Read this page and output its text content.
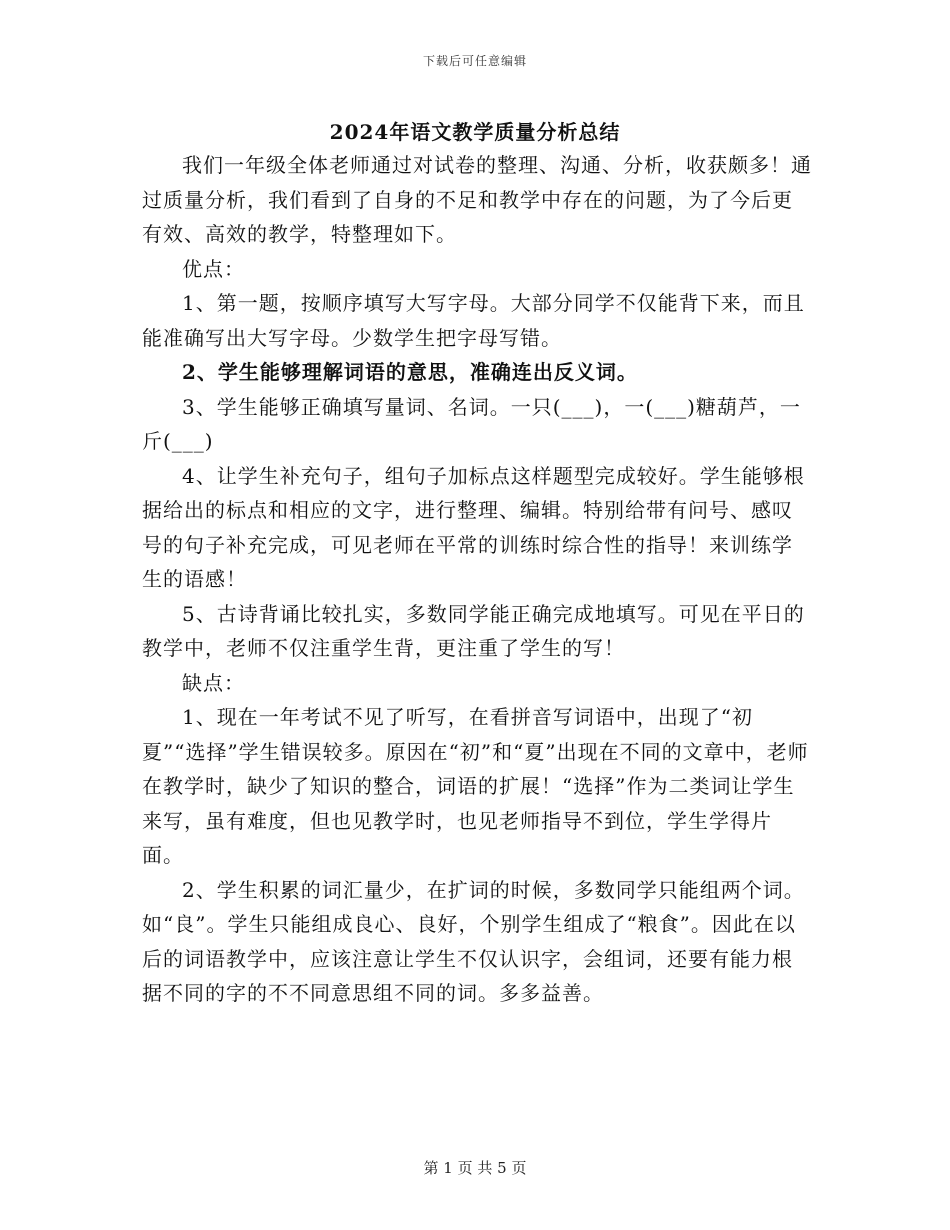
下载后可任意编辑
2024年语文教学质量分析总结

我们一年级全体老师通过对试卷的整理、沟通、分析，收获颇多！通过质量分析，我们看到了自身的不足和教学中存在的问题，为了今后更有效、高效的教学，特整理如下。

优点：

1、第一题，按顺序填写大写字母。大部分同学不仅能背下来，而且能准确写出大写字母。少数学生把字母写错。

2、学生能够理解词语的意思，准确连出反义词。

3、学生能够正确填写量词、名词。一只(___)，一(___)糖葫芦，一斤(___)

4、让学生补充句子，组句子加标点这样题型完成较好。学生能够根据给出的标点和相应的文字，进行整理、编辑。特别给带有问号、感叹号的句子补充完成，可见老师在平常的训练时综合性的指导！来训练学生的语感！

5、古诗背诵比较扎实，多数同学能正确完成地填写。可见在平日的教学中，老师不仅注重学生背，更注重了学生的写！

缺点：

1、现在一年考试不见了听写，在看拼音写词语中，出现了“初夏”“选择”学生错误较多。原因在“初”和“夏”出现在不同的文章中，老师在教学时，缺少了知识的整合，词语的扩展！“选择”作为二类词让学生来写，虽有难度，但也见教学时，也见老师指导不到位，学生学得片面。

2、学生积累的词汇量少，在扩词的时候，多数同学只能组两个词。如“良”。学生只能组成良心、良好，个别学生组成了“粮食”。因此在以后的词语教学中，应该注意让学生不仅认识字，会组词，还要有能力根据不同的字的不不同意思组不同的词。多多益善。

第 1 页 共 5 页
